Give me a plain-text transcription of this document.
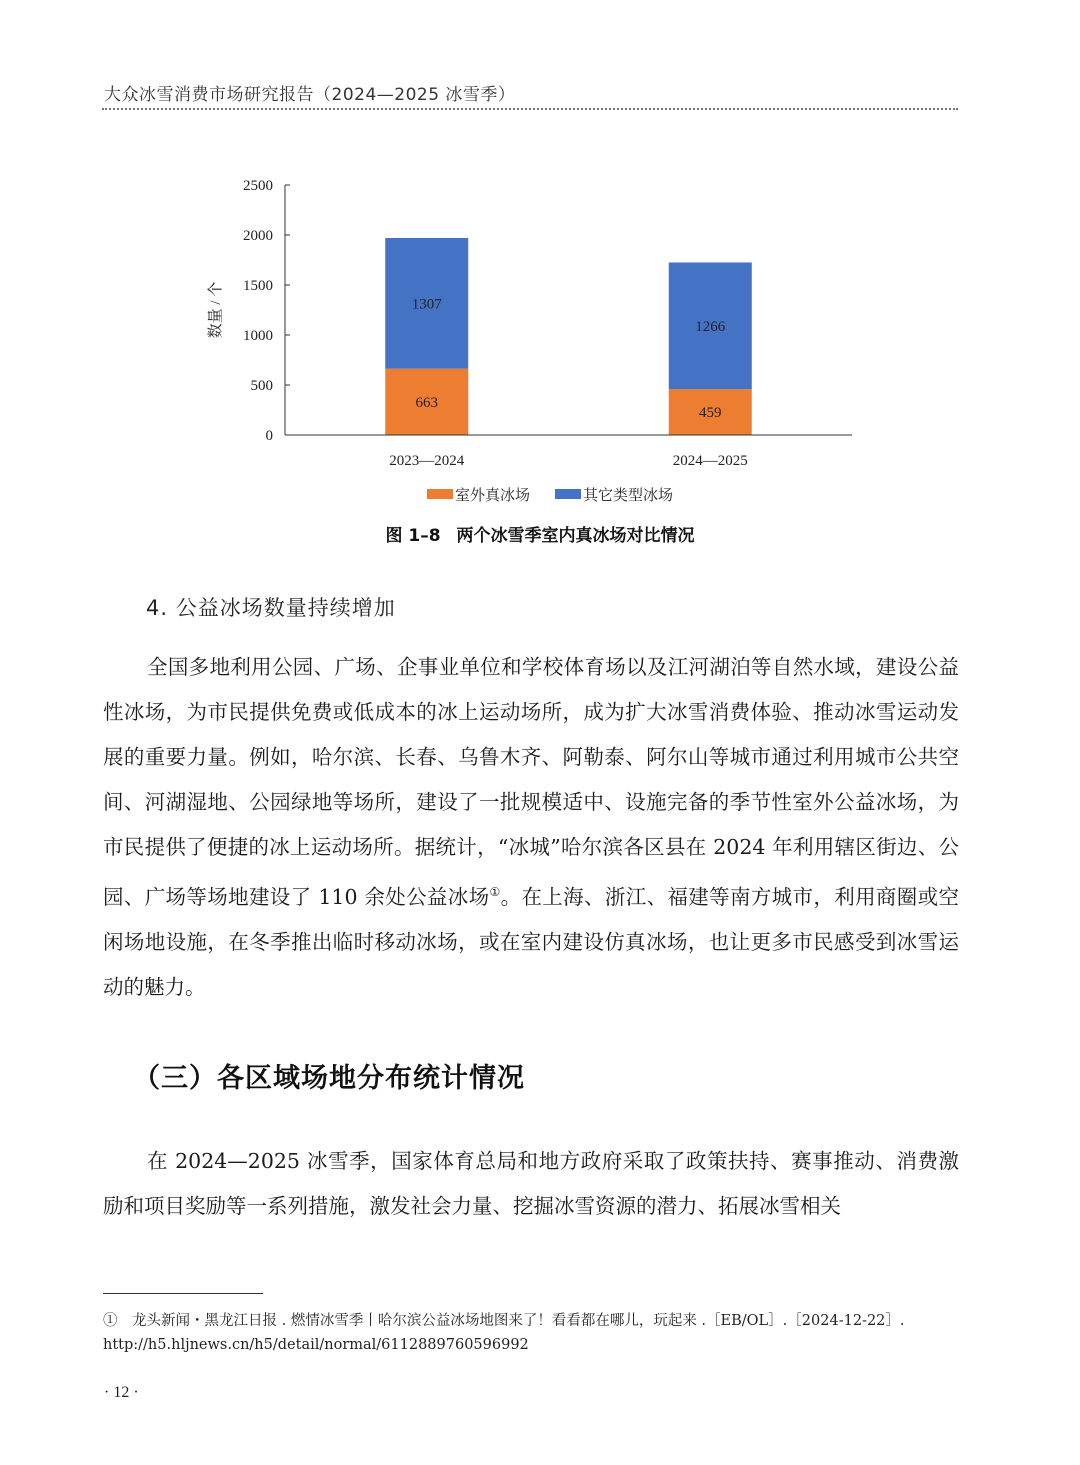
大众冰雪消费市场研究报告（2024—2025 冰雪季）
0
500
1000
1500
2000
2500
663
1307
459
1266
2023—2024	2024—2025
室外真冰场	其它类型冰场
数量 / 个
图 1–8 两个冰雪季室内真冰场对比情况
4. 公益冰场数量持续增加

全国多地利用公园、广场、企事业单位和学校体育场以及江河湖泊等自然水域，建设公益性冰场，为市民提供免费或低成本的冰上运动场所，成为扩大冰雪消费体验、推动冰雪运动发展的重要力量。例如，哈尔滨、长春、乌鲁木齐、阿勒泰、阿尔山等城市通过利用城市公共空间、河湖湿地、公园绿地等场所，建设了一批规模适中、设施完备的季节性室外公益冰场，为市民提供了便捷的冰上运动场所。据统计，“冰城”哈尔滨各区县在 2024 年利用辖区街边、公园、广场等场地建设了 110 余处公益冰场①。在上海、浙江、福建等南方城市，利用商圈或空闲场地设施，在冬季推出临时移动冰场，或在室内建设仿真冰场，也让更多市民感受到冰雪运动的魅力。

（三）各区域场地分布统计情况

在 2024—2025 冰雪季，国家体育总局和地方政府采取了政策扶持、赛事推动、消费激励和项目奖励等一系列措施，激发社会力量、挖掘冰雪资源的潜力、拓展冰雪相关

①　龙头新闻・黑龙江日报 . 燃情冰雪季丨哈尔滨公益冰场地图来了！看看都在哪儿，玩起来 .［EB/OL］.［2024-12-22］.
http://h5.hljnews.cn/h5/detail/normal/6112889760596992
· 12 ·
